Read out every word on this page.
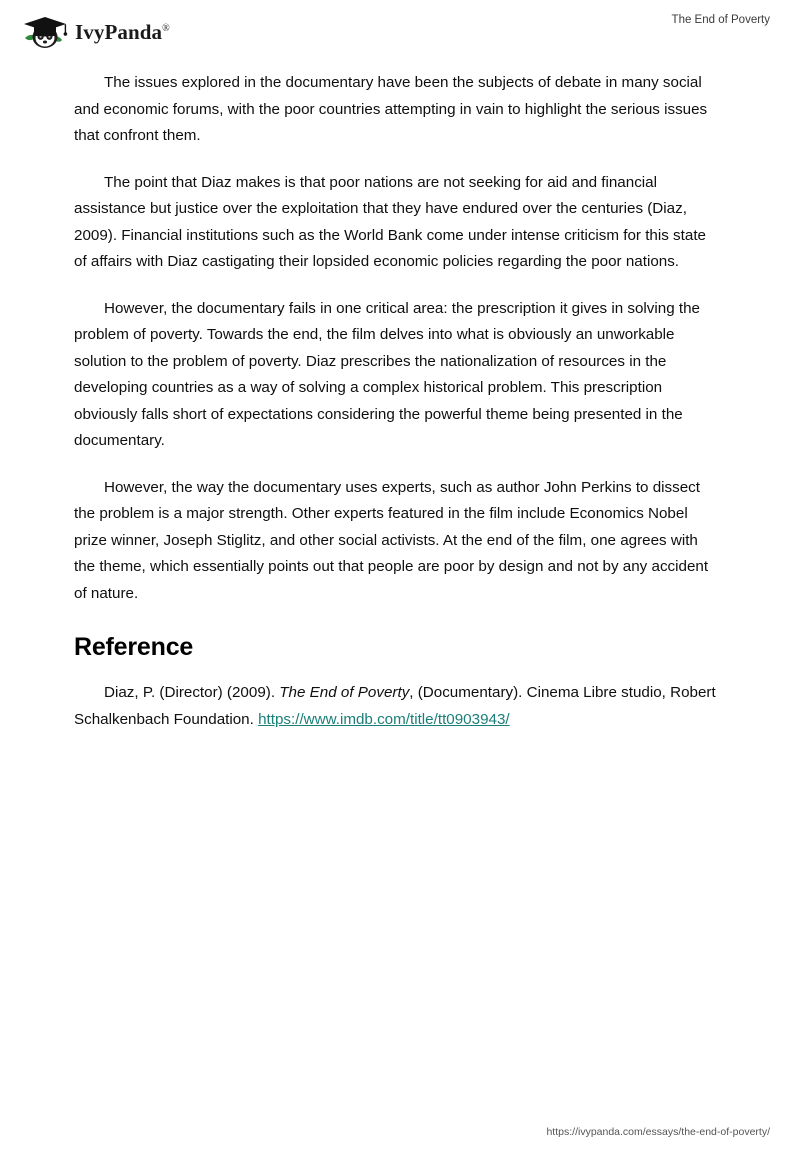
IvyPanda®
The End of Poverty

The issues explored in the documentary have been the subjects of debate in many social and economic forums, with the poor countries attempting in vain to highlight the serious issues that confront them.

The point that Diaz makes is that poor nations are not seeking for aid and financial assistance but justice over the exploitation that they have endured over the centuries (Diaz, 2009). Financial institutions such as the World Bank come under intense criticism for this state of affairs with Diaz castigating their lopsided economic policies regarding the poor nations.

However, the documentary fails in one critical area: the prescription it gives in solving the problem of poverty. Towards the end, the film delves into what is obviously an unworkable solution to the problem of poverty. Diaz prescribes the nationalization of resources in the developing countries as a way of solving a complex historical problem. This prescription obviously falls short of expectations considering the powerful theme being presented in the documentary.

However, the way the documentary uses experts, such as author John Perkins to dissect the problem is a major strength. Other experts featured in the film include Economics Nobel prize winner, Joseph Stiglitz, and other social activists. At the end of the film, one agrees with the theme, which essentially points out that people are poor by design and not by any accident of nature.

Reference

Diaz, P. (Director) (2009). The End of Poverty, (Documentary). Cinema Libre studio, Robert Schalkenbach Foundation. https://www.imdb.com/title/tt0903943/

https://ivypanda.com/essays/the-end-of-poverty/
